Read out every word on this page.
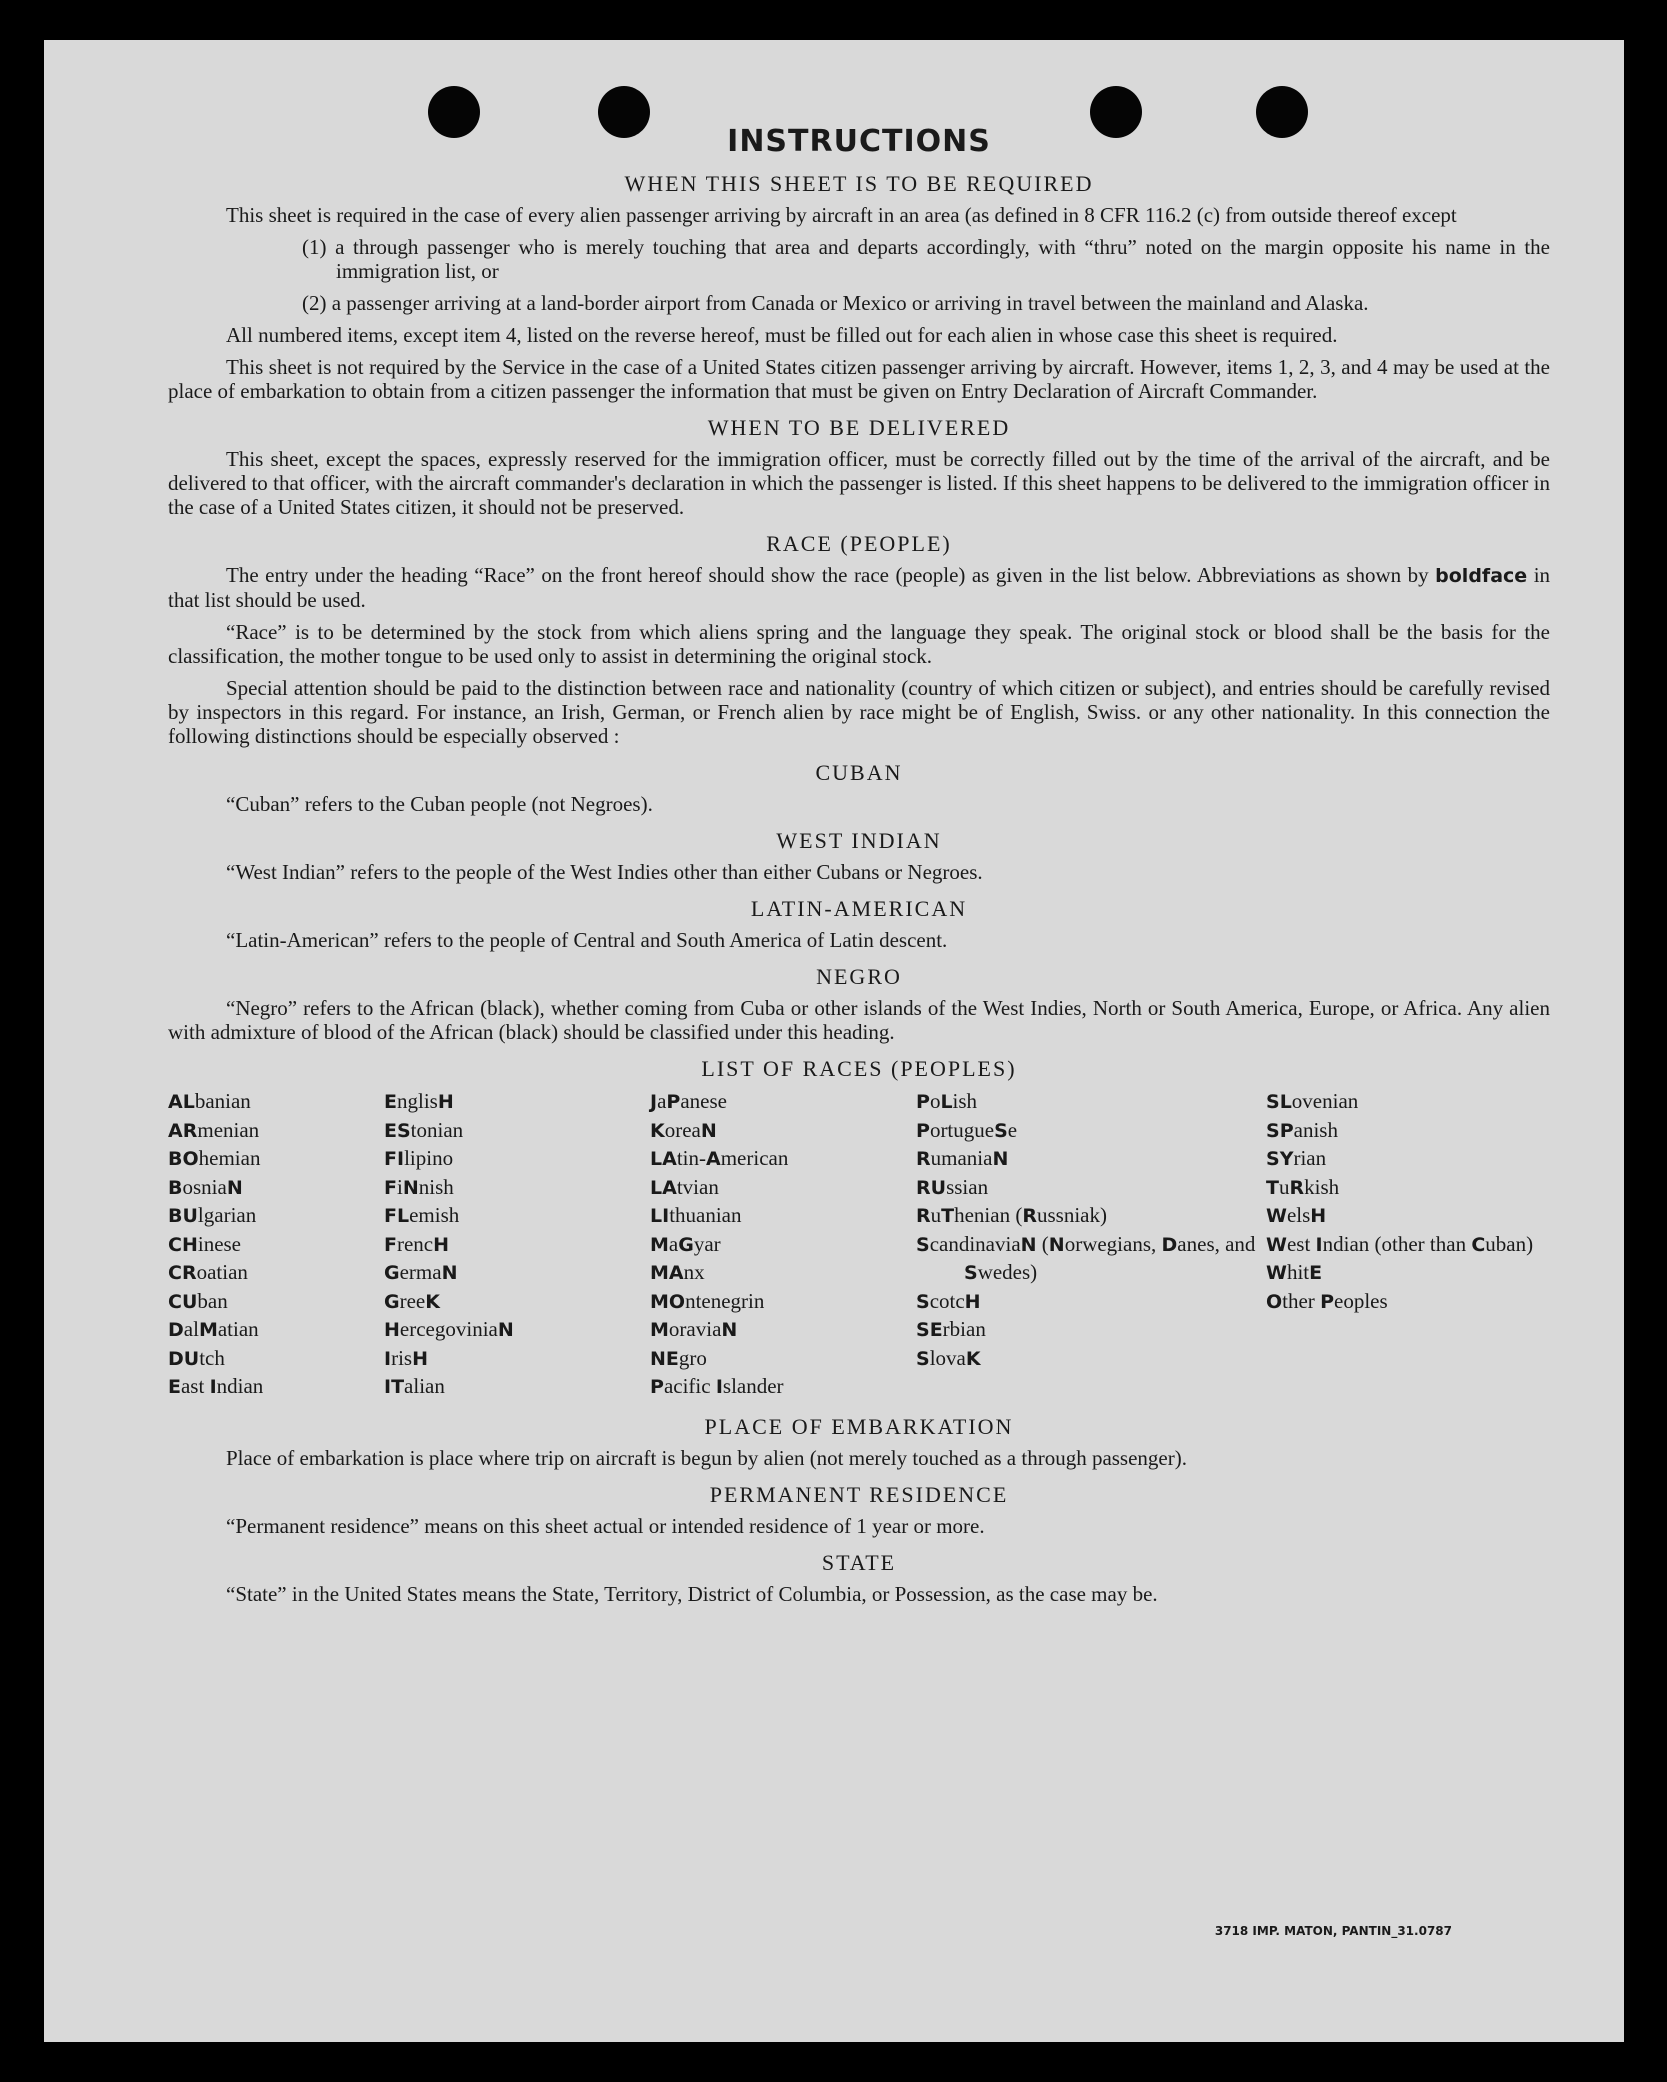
INSTRUCTIONS
WHEN THIS SHEET IS TO BE REQUIRED

This sheet is required in the case of every alien passenger arriving by aircraft in an area (as defined in 8 CFR 116.2 (c) from outside thereof except

(1) a through passenger who is merely touching that area and departs accordingly, with “thru” noted on the margin opposite his name in the immigration list, or

(2) a passenger arriving at a land-border airport from Canada or Mexico or arriving in travel between the mainland and Alaska.

All numbered items, except item 4, listed on the reverse hereof, must be filled out for each alien in whose case this sheet is required.

This sheet is not required by the Service in the case of a United States citizen passenger arriving by aircraft. However, items 1, 2, 3, and 4 may be used at the place of embarkation to obtain from a citizen passenger the information that must be given on Entry Declaration of Aircraft Commander.

WHEN TO BE DELIVERED

This sheet, except the spaces, expressly reserved for the immigration officer, must be correctly filled out by the time of the arrival of the aircraft, and be delivered to that officer, with the aircraft commander's declaration in which the passenger is listed. If this sheet happens to be delivered to the immigration officer in the case of a United States citizen, it should not be preserved.

RACE (PEOPLE)

The entry under the heading “Race” on the front hereof should show the race (people) as given in the list below. Abbreviations as shown by boldface in that list should be used.

“Race” is to be determined by the stock from which aliens spring and the language they speak. The original stock or blood shall be the basis for the classification, the mother tongue to be used only to assist in determining the original stock.

Special attention should be paid to the distinction between race and nationality (country of which citizen or subject), and entries should be carefully revised by inspectors in this regard. For instance, an Irish, German, or French alien by race might be of English, Swiss. or any other nationality. In this connection the following distinctions should be especially observed :

CUBAN

“Cuban” refers to the Cuban people (not Negroes).

WEST INDIAN

“West Indian” refers to the people of the West Indies other than either Cubans or Negroes.

LATIN-AMERICAN

“Latin-American” refers to the people of Central and South America of Latin descent.

NEGRO

“Negro” refers to the African (black), whether coming from Cuba or other islands of the West Indies, North or South America, Europe, or Africa. Any alien with admixture of blood of the African (black) should be classified under this heading.

LIST OF RACES (PEOPLES)
ALbanian
ARmenian
BOhemian
BosniaN
BUlgarian
CHinese
CRoatian
CUban
DalMatian
DUtch
East Indian
EnglisH
EStonian
FIlipino
FiNnish
FLemish
FrencH
GermaN
GreeK
HercegoviniaN
IrisH
ITalian
JaPanese
KoreaN
LAtin-American
LAtvian
LIthuanian
MaGyar
MAnx
MOntenegrin
MoraviaN
NEgro
Pacific Islander
PoLish
PortugueSe
RumaniaN
RUssian
RuThenian (Russniak)
ScandinaviaN (Norwegians, Danes, and Swedes)
ScotcH
SErbian
SlovaK
SLovenian
SPanish
SYrian
TuRkish
WelsH
West Indian (other than Cuban)
WhitE
Other Peoples
PLACE OF EMBARKATION

Place of embarkation is place where trip on aircraft is begun by alien (not merely touched as a through passenger).

PERMANENT RESIDENCE

“Permanent residence” means on this sheet actual or intended residence of 1 year or more.

STATE

“State” in the United States means the State, Territory, District of Columbia, or Possession, as the case may be.

3718 IMP. MATON, PANTIN_31.0787
